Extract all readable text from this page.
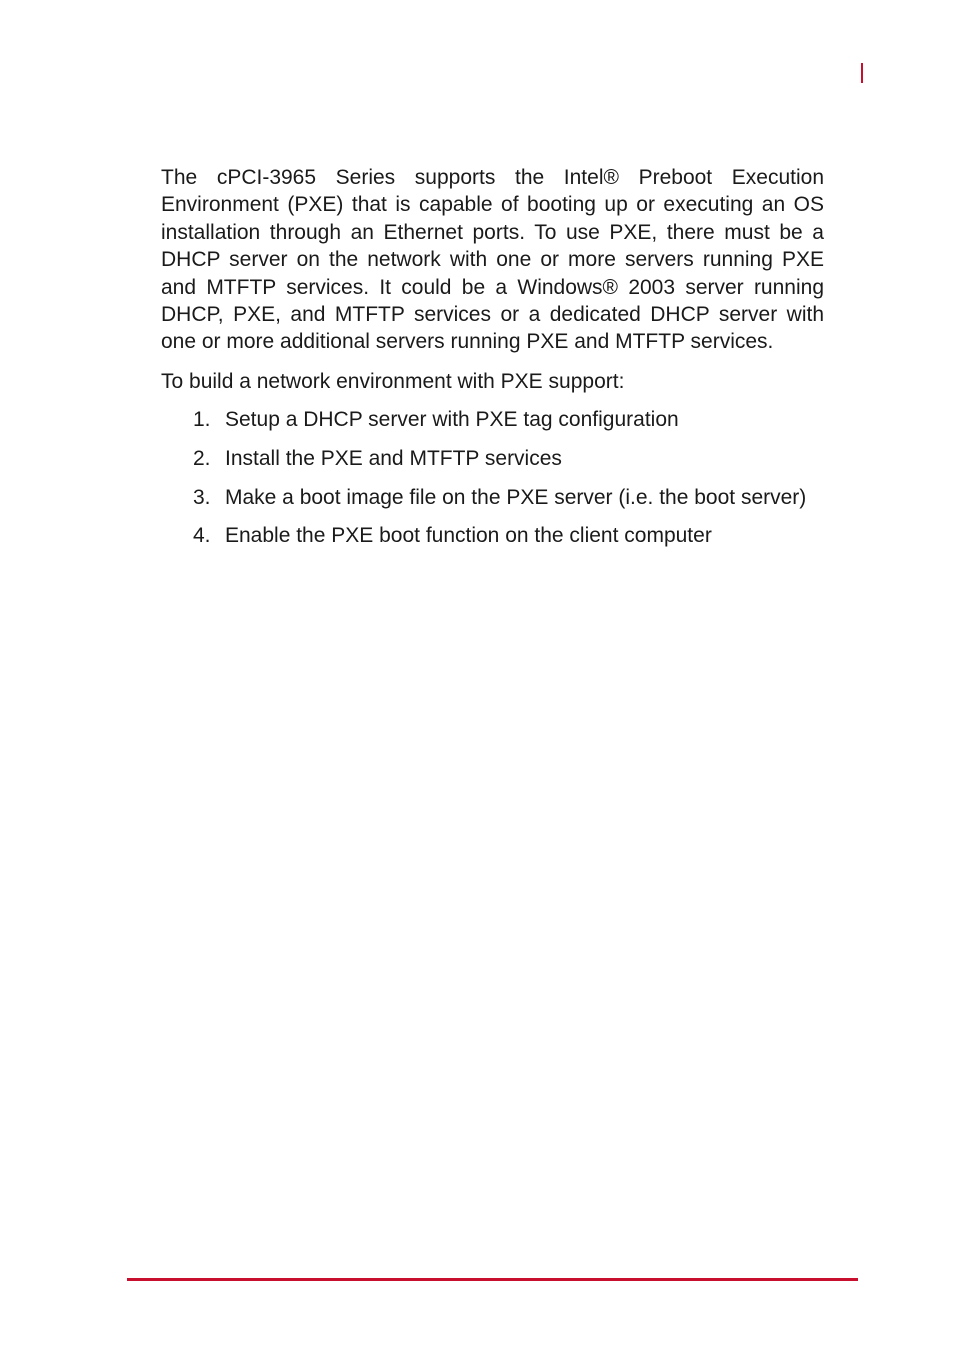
The cPCI-3965 Series supports the Intel® Preboot Execution Environment (PXE) that is capable of booting up or executing an OS installation through an Ethernet ports. To use PXE, there must be a DHCP server on the network with one or more servers running PXE and MTFTP services. It could be a Windows® 2003 server running DHCP, PXE, and MTFTP services or a dedicated DHCP server with one or more additional servers running PXE and MTFTP services.

To build a network environment with PXE support:

1. Setup a DHCP server with PXE tag configuration
2. Install the PXE and MTFTP services
3. Make a boot image file on the PXE server (i.e. the boot server)
4. Enable the PXE boot function on the client computer
